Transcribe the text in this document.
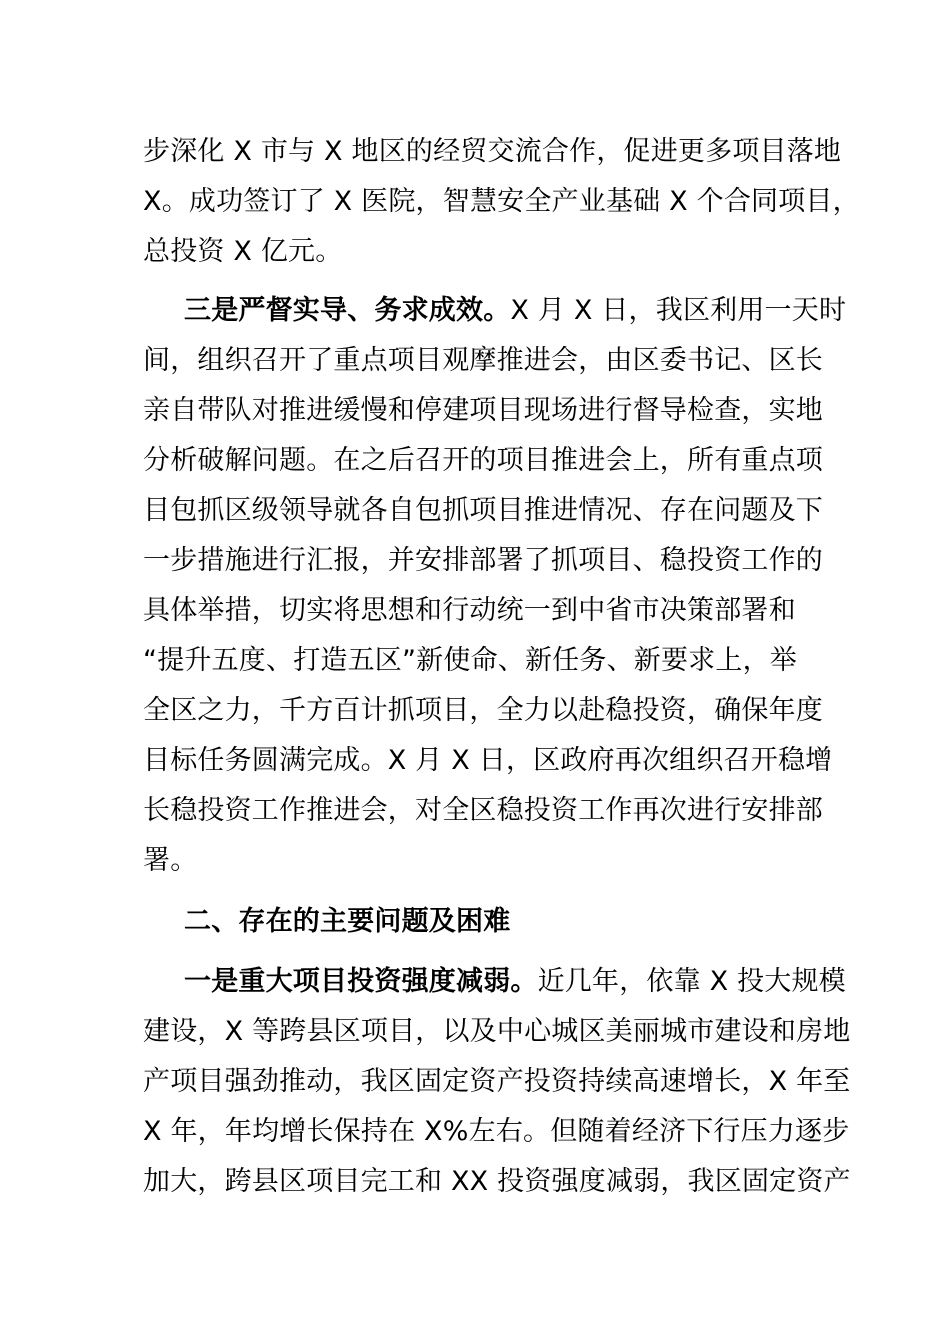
步深化 X 市与 X 地区的经贸交流合作，促进更多项目落地
X。成功签订了 X 医院，智慧安全产业基础 X 个合同项目，
总投资 X 亿元。
三是严督实导、务求成效。X 月 X 日，我区利用一天时
间，组织召开了重点项目观摩推进会，由区委书记、区长
亲自带队对推进缓慢和停建项目现场进行督导检查，实地
分析破解问题。在之后召开的项目推进会上，所有重点项
目包抓区级领导就各自包抓项目推进情况、存在问题及下
一步措施进行汇报，并安排部署了抓项目、稳投资工作的
具体举措，切实将思想和行动统一到中省市决策部署和
“提升五度、打造五区”新使命、新任务、新要求上，举
全区之力，千方百计抓项目，全力以赴稳投资，确保年度
目标任务圆满完成。X 月 X 日，区政府再次组织召开稳增
长稳投资工作推进会，对全区稳投资工作再次进行安排部
署。
二、存在的主要问题及困难
一是重大项目投资强度减弱。近几年，依靠 X 投大规模
建设，X 等跨县区项目，以及中心城区美丽城市建设和房地
产项目强劲推动，我区固定资产投资持续高速增长，X 年至
X 年，年均增长保持在 X%左右。但随着经济下行压力逐步
加大，跨县区项目完工和 XX 投资强度减弱，我区固定资产
